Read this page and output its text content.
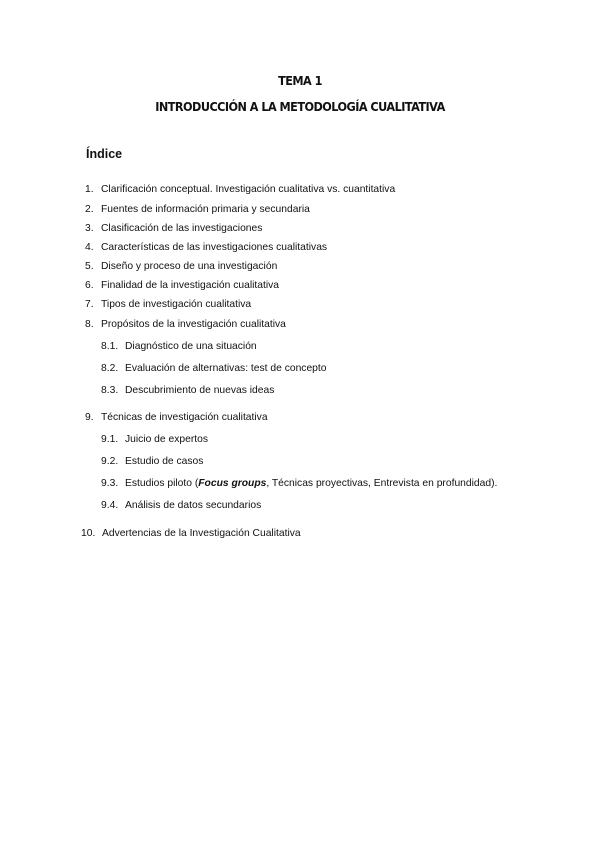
TEMA 1
INTRODUCCIÓN A LA METODOLOGÍA CUALITATIVA
Índice
1. Clarificación conceptual. Investigación cualitativa vs. cuantitativa
2. Fuentes de información primaria y secundaria
3. Clasificación de las investigaciones
4. Características de las investigaciones cualitativas
5. Diseño y proceso de una investigación
6. Finalidad de la investigación cualitativa
7. Tipos de investigación cualitativa
8. Propósitos de la investigación cualitativa
8.1. Diagnóstico de una situación
8.2. Evaluación de alternativas: test de concepto
8.3. Descubrimiento de nuevas ideas
9. Técnicas de investigación cualitativa
9.1. Juicio de expertos
9.2. Estudio de casos
9.3. Estudios piloto (Focus groups, Técnicas proyectivas, Entrevista en profundidad).
9.4. Análisis de datos secundarios
10. Advertencias de la Investigación Cualitativa
